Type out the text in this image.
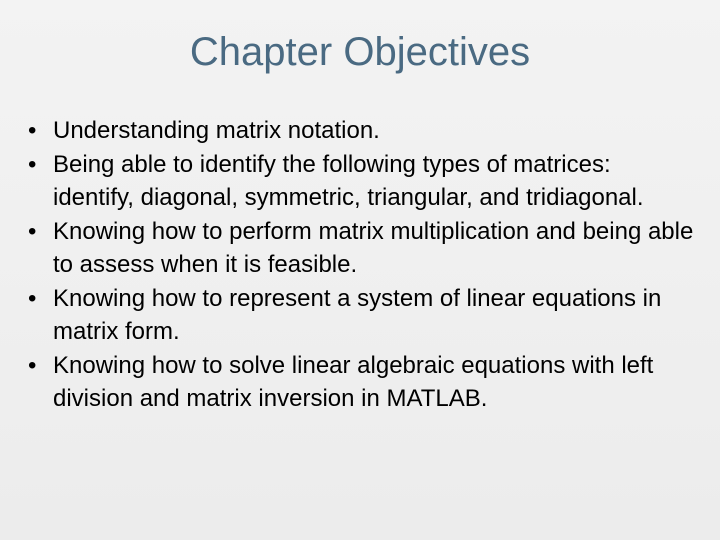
Chapter Objectives
• Understanding matrix notation.
• Being able to identify the following types of matrices: identify, diagonal, symmetric, triangular, and tridiagonal.
• Knowing how to perform matrix multiplication and being able to assess when it is feasible.
• Knowing how to represent a system of linear equations in matrix form.
• Knowing how to solve linear algebraic equations with left division and matrix inversion in MATLAB.
